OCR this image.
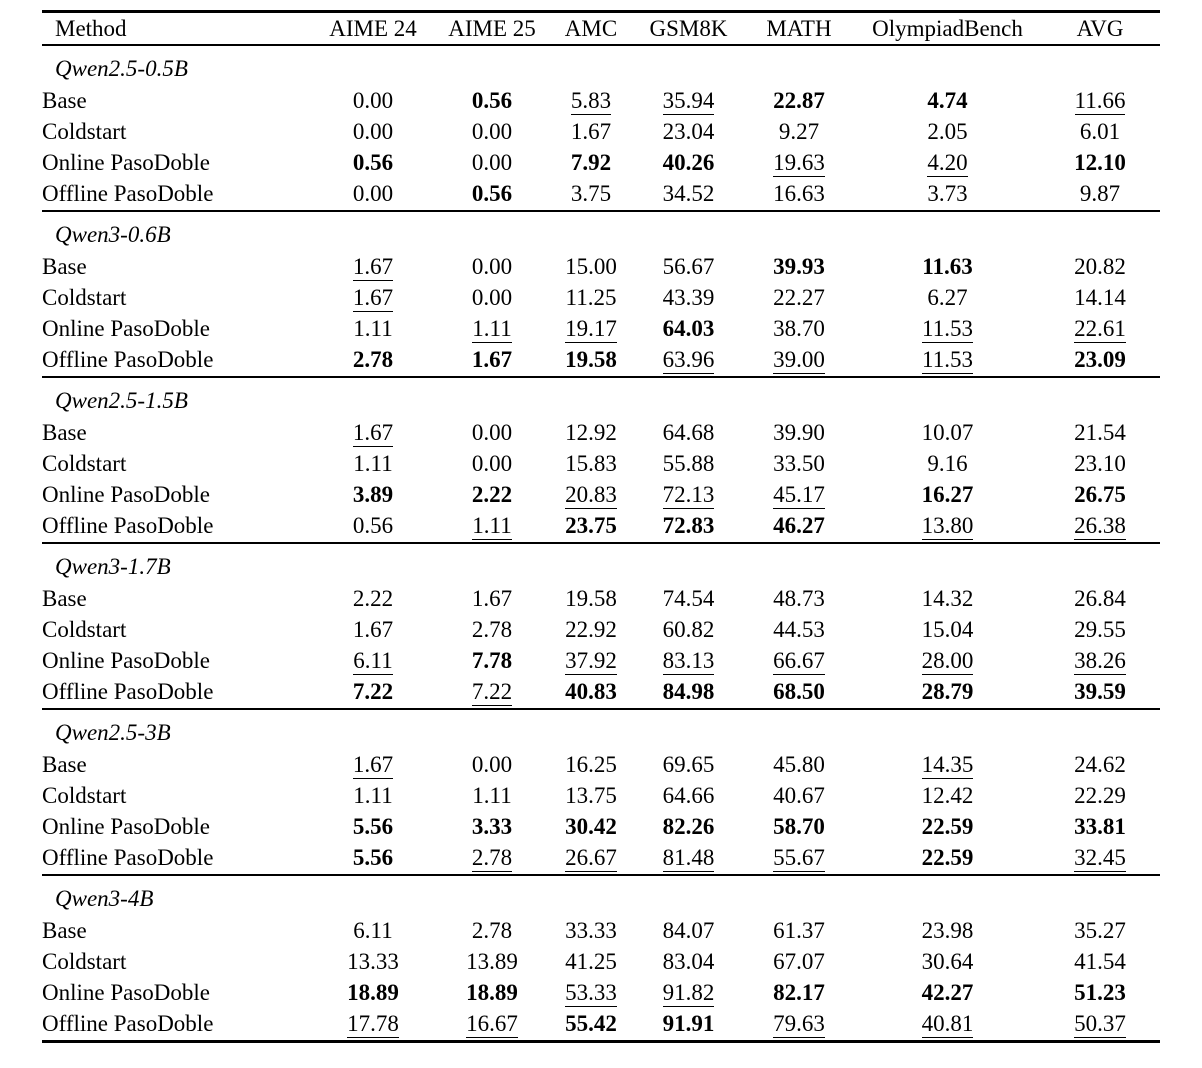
Method	AIME 24	AIME 25	AMC	GSM8K	MATH	OlympiadBench	AVG
Qwen2.5-0.5B							
Base	0.00	0.56	5.83	35.94	22.87	4.74	11.66
Coldstart	0.00	0.00	1.67	23.04	9.27	2.05	6.01
Online PasoDoble	0.56	0.00	7.92	40.26	19.63	4.20	12.10
Offline PasoDoble	0.00	0.56	3.75	34.52	16.63	3.73	9.87
Qwen3-0.6B							
Base	1.67	0.00	15.00	56.67	39.93	11.63	20.82
Coldstart	1.67	0.00	11.25	43.39	22.27	6.27	14.14
Online PasoDoble	1.11	1.11	19.17	64.03	38.70	11.53	22.61
Offline PasoDoble	2.78	1.67	19.58	63.96	39.00	11.53	23.09
Qwen2.5-1.5B							
Base	1.67	0.00	12.92	64.68	39.90	10.07	21.54
Coldstart	1.11	0.00	15.83	55.88	33.50	9.16	23.10
Online PasoDoble	3.89	2.22	20.83	72.13	45.17	16.27	26.75
Offline PasoDoble	0.56	1.11	23.75	72.83	46.27	13.80	26.38
Qwen3-1.7B							
Base	2.22	1.67	19.58	74.54	48.73	14.32	26.84
Coldstart	1.67	2.78	22.92	60.82	44.53	15.04	29.55
Online PasoDoble	6.11	7.78	37.92	83.13	66.67	28.00	38.26
Offline PasoDoble	7.22	7.22	40.83	84.98	68.50	28.79	39.59
Qwen2.5-3B							
Base	1.67	0.00	16.25	69.65	45.80	14.35	24.62
Coldstart	1.11	1.11	13.75	64.66	40.67	12.42	22.29
Online PasoDoble	5.56	3.33	30.42	82.26	58.70	22.59	33.81
Offline PasoDoble	5.56	2.78	26.67	81.48	55.67	22.59	32.45
Qwen3-4B							
Base	6.11	2.78	33.33	84.07	61.37	23.98	35.27
Coldstart	13.33	13.89	41.25	83.04	67.07	30.64	41.54
Online PasoDoble	18.89	18.89	53.33	91.82	82.17	42.27	51.23
Offline PasoDoble	17.78	16.67	55.42	91.91	79.63	40.81	50.37
